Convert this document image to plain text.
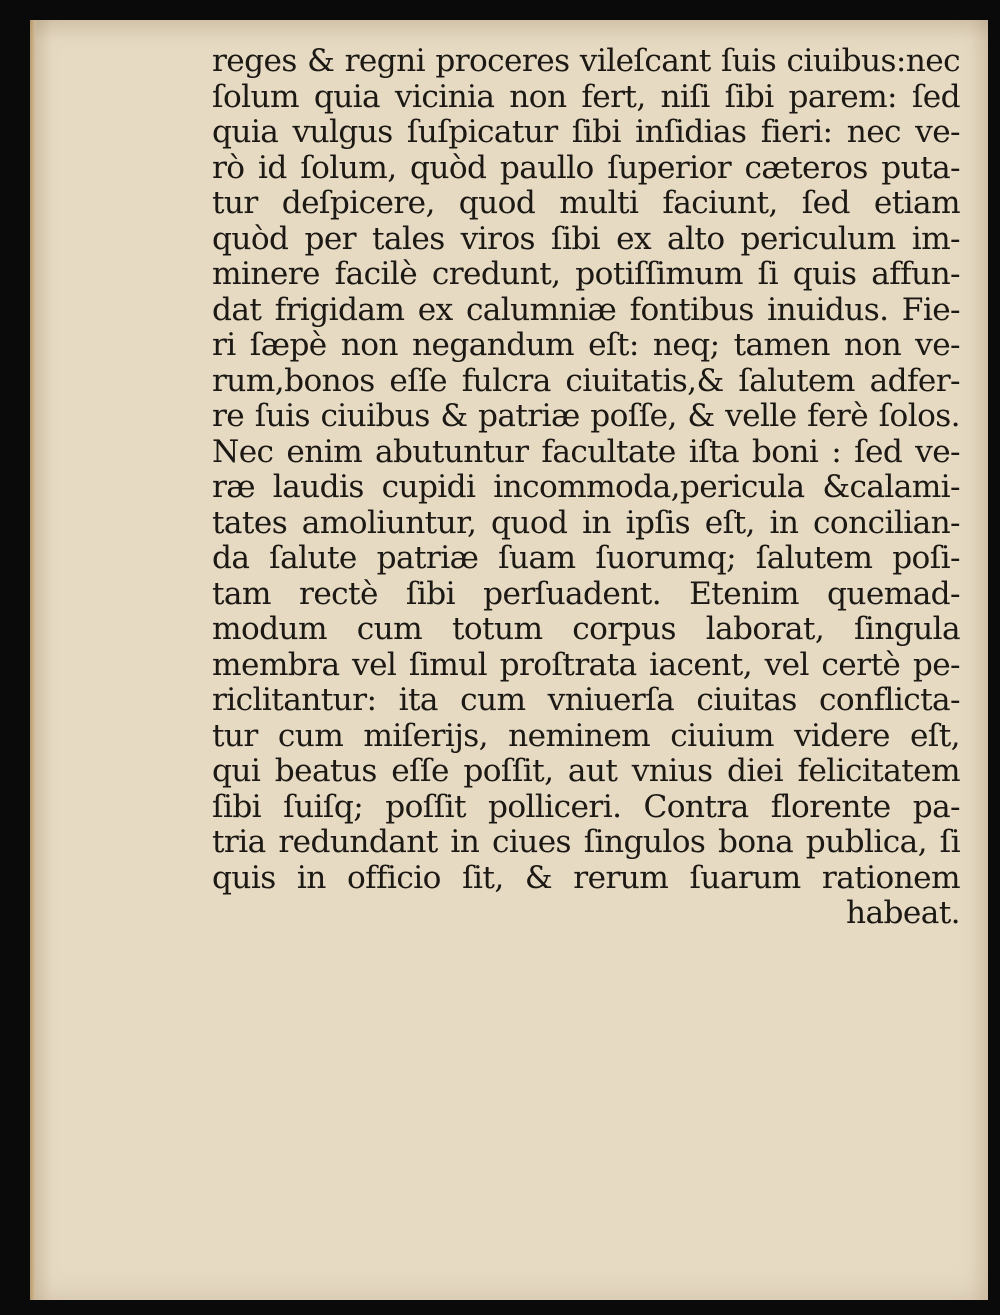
reges & regni proceres vileſcant ſuis ciuibus:nec
ſolum quia vicinia non fert, niſi ſibi parem: ſed
quia vulgus ſuſpicatur ſibi inſidias fieri: nec ve-
rò id ſolum, quòd paullo ſuperior cæteros puta-
tur deſpicere, quod multi faciunt, ſed etiam
quòd per tales viros ſibi ex alto periculum im-
minere facilè credunt, potiſſimum ſi quis affun-
dat frigidam ex calumniæ fontibus inuidus. Fie-
ri ſæpè non negandum eſt: neq; tamen non ve-
rum,bonos eſſe fulcra ciuitatis,& ſalutem adfer-
re ſuis ciuibus & patriæ poſſe, & velle ferè ſolos.
Nec enim abutuntur facultate iſta boni : ſed ve-
ræ laudis cupidi incommoda,pericula &calami-
tates amoliuntur, quod in ipſis eſt, in concilian-
da ſalute patriæ ſuam ſuorumq; ſalutem poſi-
tam rectè ſibi perſuadent. Etenim quemad-
modum cum totum corpus laborat, ſingula
membra vel ſimul proſtrata iacent, vel certè pe-
riclitantur: ita cum vniuerſa ciuitas conflicta-
tur cum miſerijs, neminem ciuium videre eſt,
qui beatus eſſe poſſit, aut vnius diei felicitatem
ſibi ſuiſq; poſſit polliceri. Contra florente pa-
tria redundant in ciues ſingulos bona publica, ſi
quis in officio ſit, & rerum ſuarum rationem
habeat.
